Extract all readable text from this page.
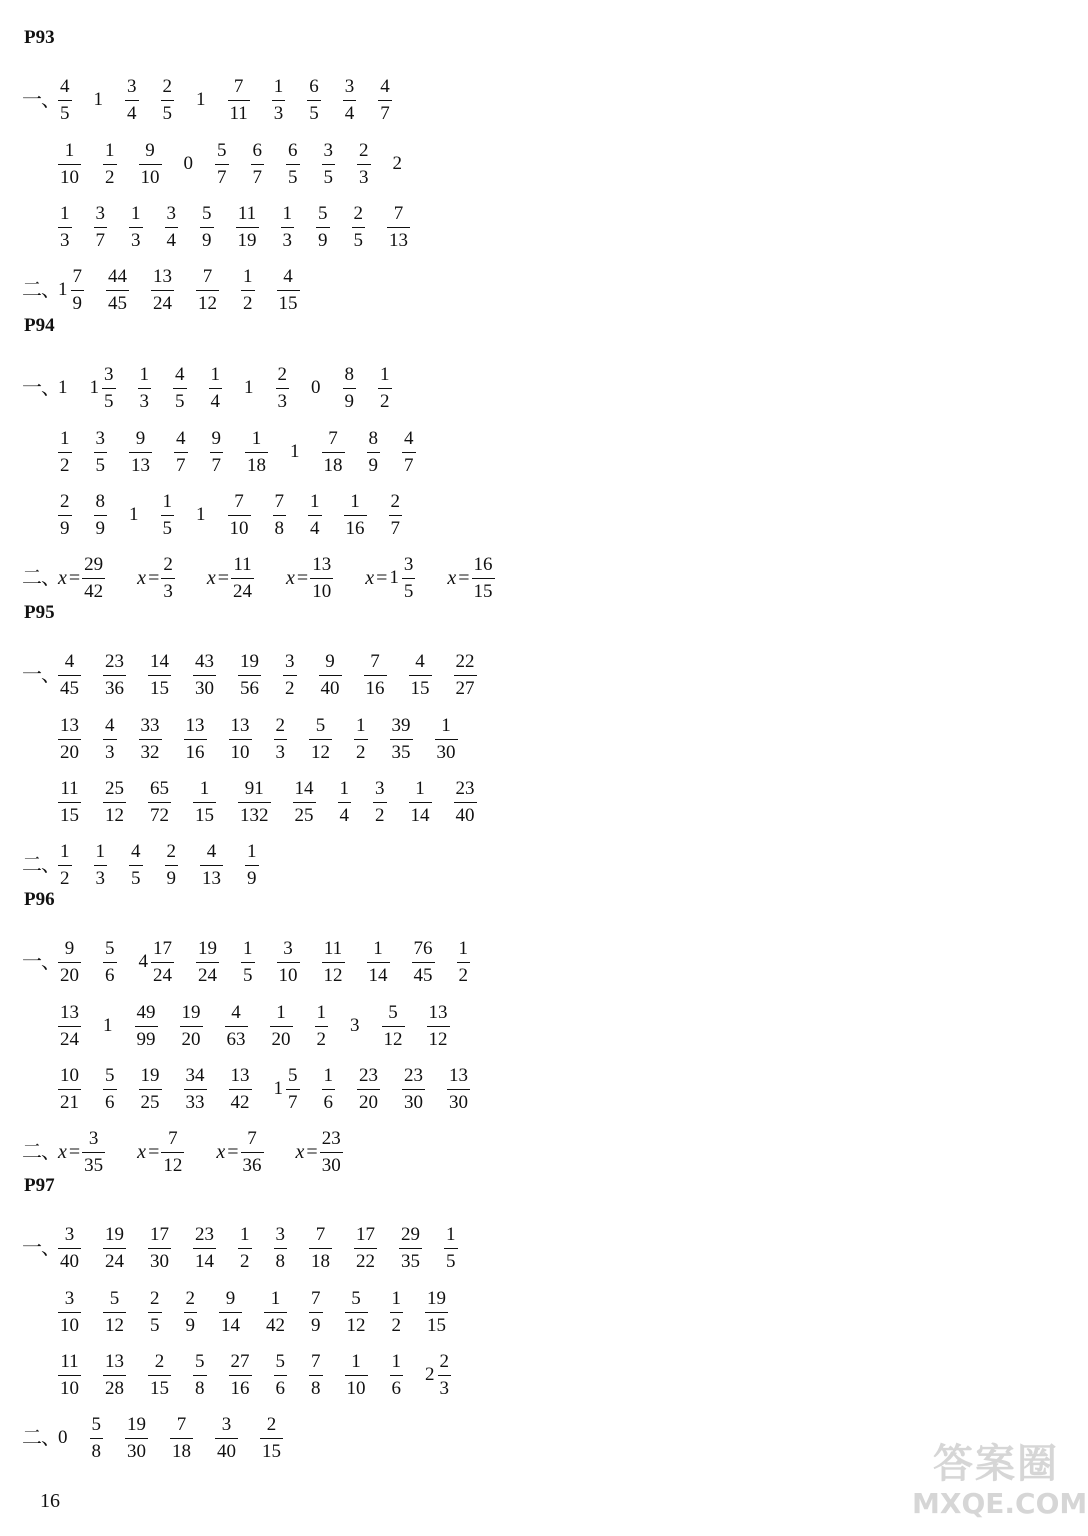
P93
一、
$\frac{4}{5} 1 \frac{3}{4} \frac{2}{5} 1 \frac{7}{11} \frac{1}{3} \frac{6}{5} \frac{3}{4} \frac{4}{7}$
$\frac{1}{10} \frac{1}{2} \frac{9}{10} 0 \frac{5}{7} \frac{6}{7} \frac{6}{5} \frac{3}{5} \frac{2}{3} 2$
$\frac{1}{3} \frac{3}{7} \frac{1}{3} \frac{3}{4} \frac{5}{9} \frac{11}{19} \frac{1}{3} \frac{5}{9} \frac{2}{5} \frac{7}{13}$
二、
$1 \frac{7}{9} \frac{44}{45} \frac{13}{24} \frac{7}{12} \frac{1}{2} \frac{4}{15}$
P94
一、
1 $1 \frac{3}{5} \frac{1}{3} \frac{4}{5} \frac{1}{4} 1 \frac{2}{3} 0 \frac{8}{9} \frac{1}{2}$
$\frac{1}{2} \frac{3}{5} \frac{9}{13} \frac{4}{7} \frac{9}{7} \frac{1}{18} 1 \frac{7}{18} \frac{8}{9} \frac{4}{7}$
$\frac{2}{9} \frac{8}{9} 1 \frac{1}{5} 1 \frac{7}{10} \frac{7}{8} \frac{1}{4} \frac{1}{16} \frac{2}{7}$
二、
$x = \frac{29}{42}$ $x = \frac{2}{3}$ $x = \frac{11}{24}$ $x = \frac{13}{10}$ $x = 1 \frac{3}{5}$ $x = \frac{16}{15}$
P95
一、
$\frac{4}{45} \frac{23}{36} \frac{14}{15} \frac{43}{30} \frac{19}{56} \frac{3}{2} \frac{9}{40} \frac{7}{16} \frac{4}{15} \frac{22}{27}$
$\frac{13}{20} \frac{4}{3} \frac{33}{32} \frac{13}{16} \frac{13}{10} \frac{2}{3} \frac{5}{12} \frac{1}{2} \frac{39}{35} \frac{1}{30}$
$\frac{11}{15} \frac{25}{12} \frac{65}{72} \frac{1}{15} \frac{91}{132} \frac{14}{25} \frac{1}{4} \frac{3}{2} \frac{1}{14} \frac{23}{40}$
二、
$\frac{1}{2} \frac{1}{3} \frac{4}{5} \frac{2}{9} \frac{4}{13} \frac{1}{9}$
P96
一、
$\frac{9}{20} \frac{5}{6} 4 \frac{17}{24} \frac{19}{24} \frac{1}{5} \frac{3}{10} \frac{11}{12} \frac{1}{14} \frac{76}{45} \frac{1}{2}$
$\frac{13}{24} 1 \frac{49}{99} \frac{19}{20} \frac{4}{63} \frac{1}{20} \frac{1}{2} 3 \frac{5}{12} \frac{13}{12}$
$\frac{10}{21} \frac{5}{6} \frac{19}{25} \frac{34}{33} \frac{13}{42} 1 \frac{5}{7} \frac{1}{6} \frac{23}{20} \frac{23}{30} \frac{13}{30}$
二、
$x = \frac{3}{35}$ $x = \frac{7}{12}$ $x = \frac{7}{36}$ $x = \frac{23}{30}$
P97
一、
$\frac{3}{40} \frac{19}{24} \frac{17}{30} \frac{23}{14} \frac{1}{2} \frac{3}{8} \frac{7}{18} \frac{17}{22} \frac{29}{35} \frac{1}{5}$
$\frac{3}{10} \frac{5}{12} \frac{2}{5} \frac{2}{9} \frac{9}{14} \frac{1}{42} \frac{7}{9} \frac{5}{12} \frac{1}{2} \frac{19}{15}$
$\frac{11}{10} \frac{13}{28} \frac{2}{15} \frac{5}{8} \frac{27}{16} \frac{5}{6} \frac{7}{8} \frac{1}{10} \frac{1}{6} 2 \frac{2}{3}$
二、
$0 \frac{5}{8} \frac{19}{30} \frac{7}{18} \frac{3}{40} \frac{2}{15}$
16
答案圈
MXQE.COM
